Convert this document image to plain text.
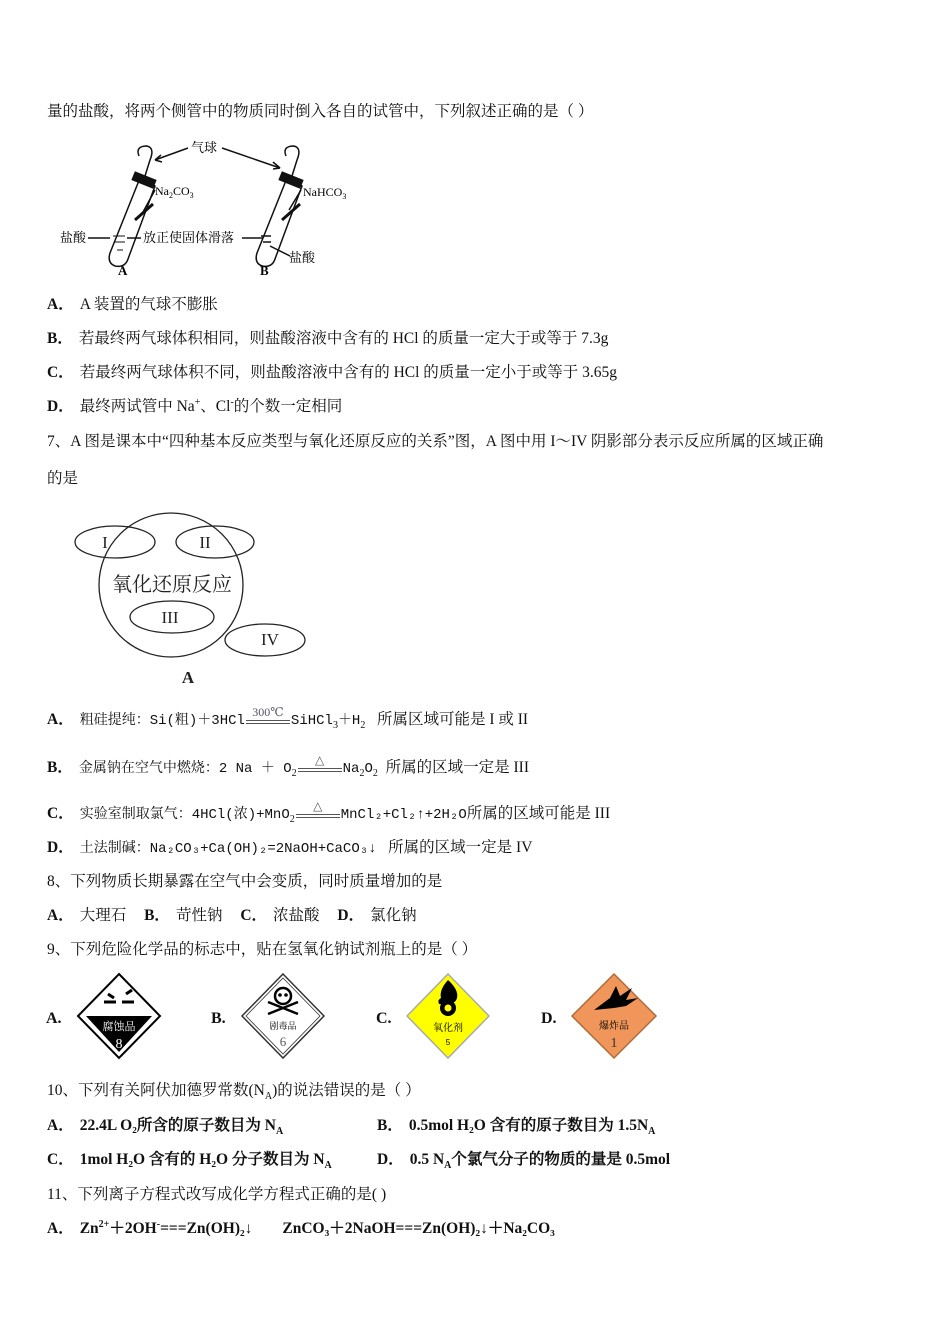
量的盐酸，将两个侧管中的物质同时倒入各自的试管中，下列叙述正确的是（ ）
气球
$Na_2CO_3$	NaHCO$_3$
盐酸	放正使固体滑落
盐酸
A	B
A． A 装置的气球不膨胀
B． 若最终两气球体积相同，则盐酸溶液中含有的 HCl 的质量一定大于或等于 7.3g
C． 若最终两气球体积不同，则盐酸溶液中含有的 HCl 的质量一定小于或等于 3.65g
D． 最终两试管中 Na+、Cl-的个数一定相同
7、A 图是课本中“四种基本反应类型与氧化还原反应的关系”图，A 图中用 I～IV 阴影部分表示反应所属的区域正确
的是
I	II
III
IV
氧化还原反应
A
A． 粗硅提纯：Si(粗)＋3HCl
300℃
$SiHCl_3+H_2$   所属区域可能是 I 或 II
B． 金属钠在空气中燃烧：2 $Na + O_2$
△
$Na_2O_2$  所属的区域一定是 III
C． 实验室制取氯气：4HCl(浓)+MnO$_2$
△
MnCl₂+Cl₂↑+2H₂O所属的区域可能是 III
D． 土法制碱：Na₂CO₃+Ca(OH)₂=2NaOH+CaCO₃↓   所属的区域一定是 IV
8、下列物质长期暴露在空气中会变质，同时质量增加的是
A． 大理石 B． 苛性钠 C． 浓盐酸 D． 氯化钠
9、下列危险化学品的标志中，贴在氢氧化钠试剂瓶上的是（ ）
A.	腐蚀品
8
B.	剧毒品
6
C.
氧化剂
5
D.	爆炸品
1
10、下列有关阿伏加德罗常数$(N_A)$的说法错误的是（ ）
A． 22.4L O₂所含的原子数目为 $N_A$	B． 0.5mol H₂O 含有的原子数目为 $1.5N_A$
C． 1mol H₂O 含有的 H₂O 分子数目为 $N_A$	D． 0.5 $N_A$个氯气分子的物质的量是 0.5mol
11、下列离子方程式改写成化学方程式正确的是( )
A． $Zn^{2+}+2OH^-===Zn(OH)_2↓$ ZnCO₃＋2NaOH===Zn(OH)₂↓＋Na₂CO₃
